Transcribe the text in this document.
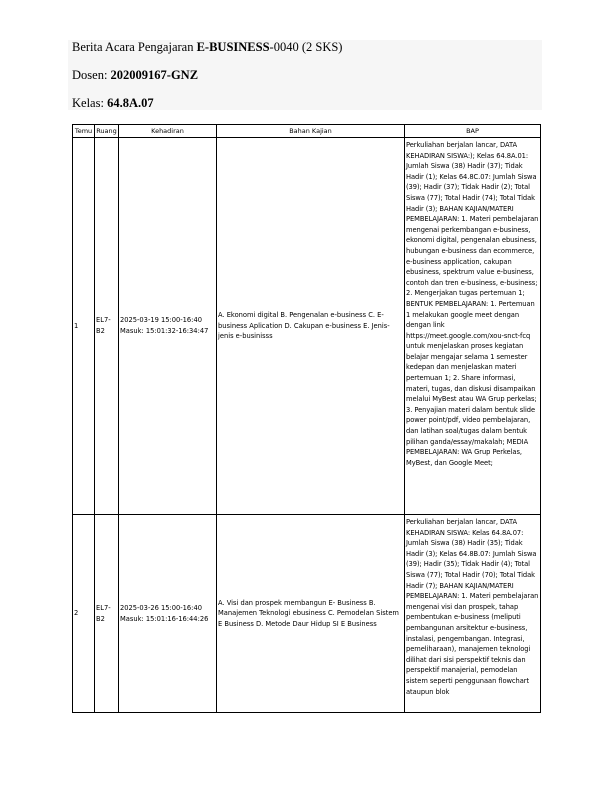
Berita Acara Pengajaran E-BUSINESS-0040 (2 SKS)
Dosen: 202009167-GNZ
Kelas: 64.8A.07
Temu	Ruang	Kehadiran	Bahan Kajian	BAP
1	EL7-B2	2025-03-19 15:00-16:40 Masuk: 15:01:32-16:34:47	A. Ekonomi digital B. Pengenalan e-business C. E-business Aplication D. Cakupan e-business E. Jenis-jenis e-businisss	Perkuliahan berjalan lancar, DATA KEHADIRAN SISWA:); Kelas 64.8A.01: Jumlah Siswa (38) Hadir (37); Tidak Hadir (1); Kelas 64.8C.07: Jumlah Siswa (39); Hadir (37); Tidak Hadir (2); Total Siswa (77); Total Hadir (74); Total Tidak Hadir (3); BAHAN KAJIAN/MATERI PEMBELAJARAN: 1. Materi pembelajaran mengenai perkembangan e-business, ekonomi digital, pengenalan ebusiness, hubungan e-business dan ecommerce, e-business application, cakupan ebusiness, spektrum value e-business, contoh dan tren e-business, e-business; 2. Mengerjakan tugas pertemuan 1; BENTUK PEMBELAJARAN: 1. Pertemuan 1 melakukan google meet dengan dengan link https://meet.google.com/xou-snct-fcq untuk menjelaskan proses kegiatan belajar mengajar selama 1 semester kedepan dan menjelaskan materi pertemuan 1; 2. Share informasi, materi, tugas, dan diskusi disampaikan melalui MyBest atau WA Grup perkelas; 3. Penyajian materi dalam bentuk slide power point/pdf, video pembelajaran, dan latihan soal/tugas dalam bentuk pilihan ganda/essay/makalah; MEDIA PEMBELAJARAN: WA Grup Perkelas, MyBest, dan Google Meet;
2	EL7-B2	2025-03-26 15:00-16:40 Masuk: 15:01:16-16:44:26	A. Visi dan prospek membangun E- Business B. Manajemen Teknologi ebusiness C. Pemodelan Sistem E Business D. Metode Daur Hidup SI E Business	Perkuliahan berjalan lancar, DATA KEHADIRAN SISWA: Kelas 64.8A.07: Jumlah Siswa (38) Hadir (35); Tidak Hadir (3); Kelas 64.8B.07: Jumlah Siswa (39); Hadir (35); Tidak Hadir (4); Total Siswa (77); Total Hadir (70); Total Tidak Hadir (7); BAHAN KAJIAN/MATERI PEMBELAJARAN: 1. Materi pembelajaran mengenai visi dan prospek, tahap pembentukan e-business (meliputi pembangunan arsitektur e-business, instalasi, pengembangan. Integrasi, pemeliharaan), manajemen teknologi dilihat dari sisi perspektif teknis dan perspektif manajerial, pemodelan sistem seperti penggunaan flowchart ataupun blok
